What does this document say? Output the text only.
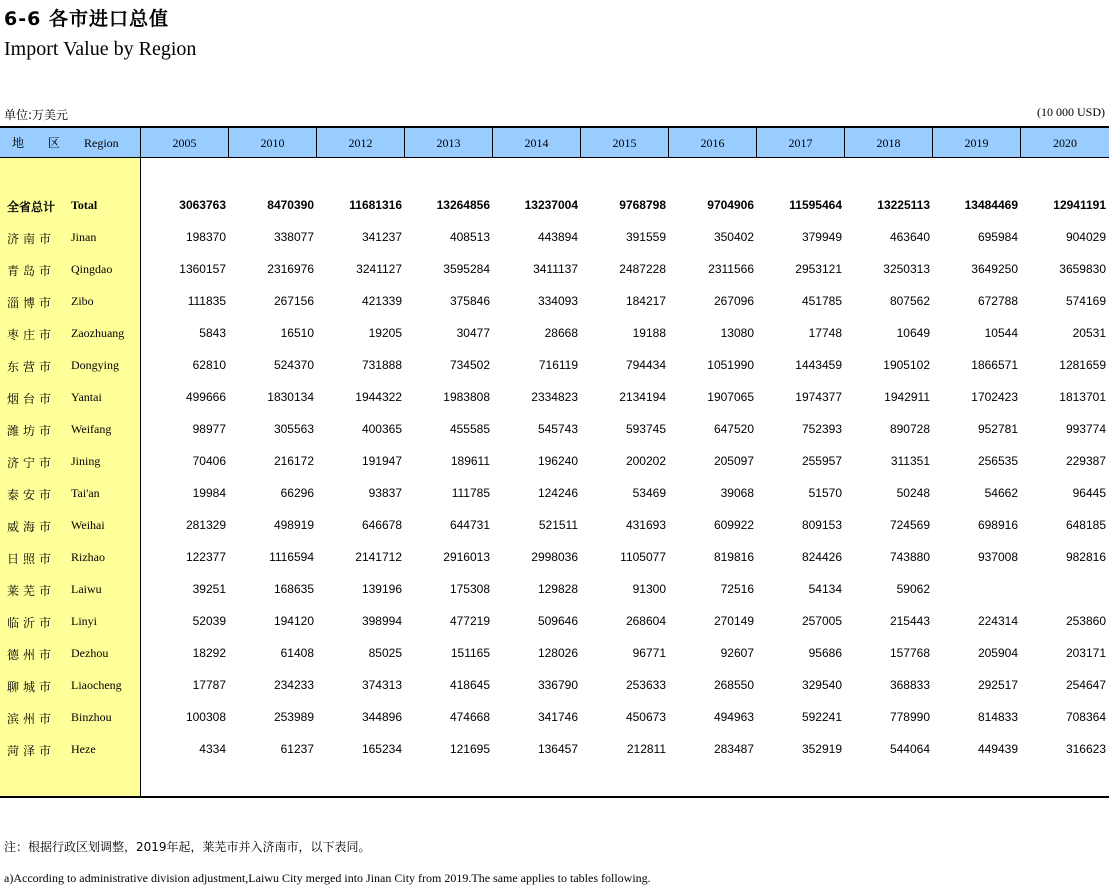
6-6 各市进口总值
Import Value by Region
单位:万美元	(10 000 USD)
地 区 Region	2005	2010	2012	2013	2014	2015	2016	2017	2018	2019	2020
全省总计 Total	3063763	8470390	11681316	13264856	13237004	9768798	9704906	11595464	13225113	13484469	12941191
济南市 Jinan	198370	338077	341237	408513	443894	391559	350402	379949	463640	695984	904029
青岛市 Qingdao	1360157	2316976	3241127	3595284	3411137	2487228	2311566	2953121	3250313	3649250	3659830
淄博市 Zibo	111835	267156	421339	375846	334093	184217	267096	451785	807562	672788	574169
枣庄市 Zaozhuang	5843	16510	19205	30477	28668	19188	13080	17748	10649	10544	20531
东营市 Dongying	62810	524370	731888	734502	716119	794434	1051990	1443459	1905102	1866571	1281659
烟台市 Yantai	499666	1830134	1944322	1983808	2334823	2134194	1907065	1974377	1942911	1702423	1813701
潍坊市 Weifang	98977	305563	400365	455585	545743	593745	647520	752393	890728	952781	993774
济宁市 Jining	70406	216172	191947	189611	196240	200202	205097	255957	311351	256535	229387
泰安市 Tai'an	19984	66296	93837	111785	124246	53469	39068	51570	50248	54662	96445
威海市 Weihai	281329	498919	646678	644731	521511	431693	609922	809153	724569	698916	648185
日照市 Rizhao	122377	1116594	2141712	2916013	2998036	1105077	819816	824426	743880	937008	982816
莱芜市 Laiwu	39251	168635	139196	175308	129828	91300	72516	54134	59062
临沂市 Linyi	52039	194120	398994	477219	509646	268604	270149	257005	215443	224314	253860
德州市 Dezhou	18292	61408	85025	151165	128026	96771	92607	95686	157768	205904	203171
聊城市 Liaocheng	17787	234233	374313	418645	336790	253633	268550	329540	368833	292517	254647
滨州市 Binzhou	100308	253989	344896	474668	341746	450673	494963	592241	778990	814833	708364
菏泽市 Heze	4334	61237	165234	121695	136457	212811	283487	352919	544064	449439	316623
注：根据行政区划调整，2019年起，莱芜市并入济南市，以下表同。
a)According to administrative division adjustment,Laiwu City merged into Jinan City from 2019.The same applies to tables following.
